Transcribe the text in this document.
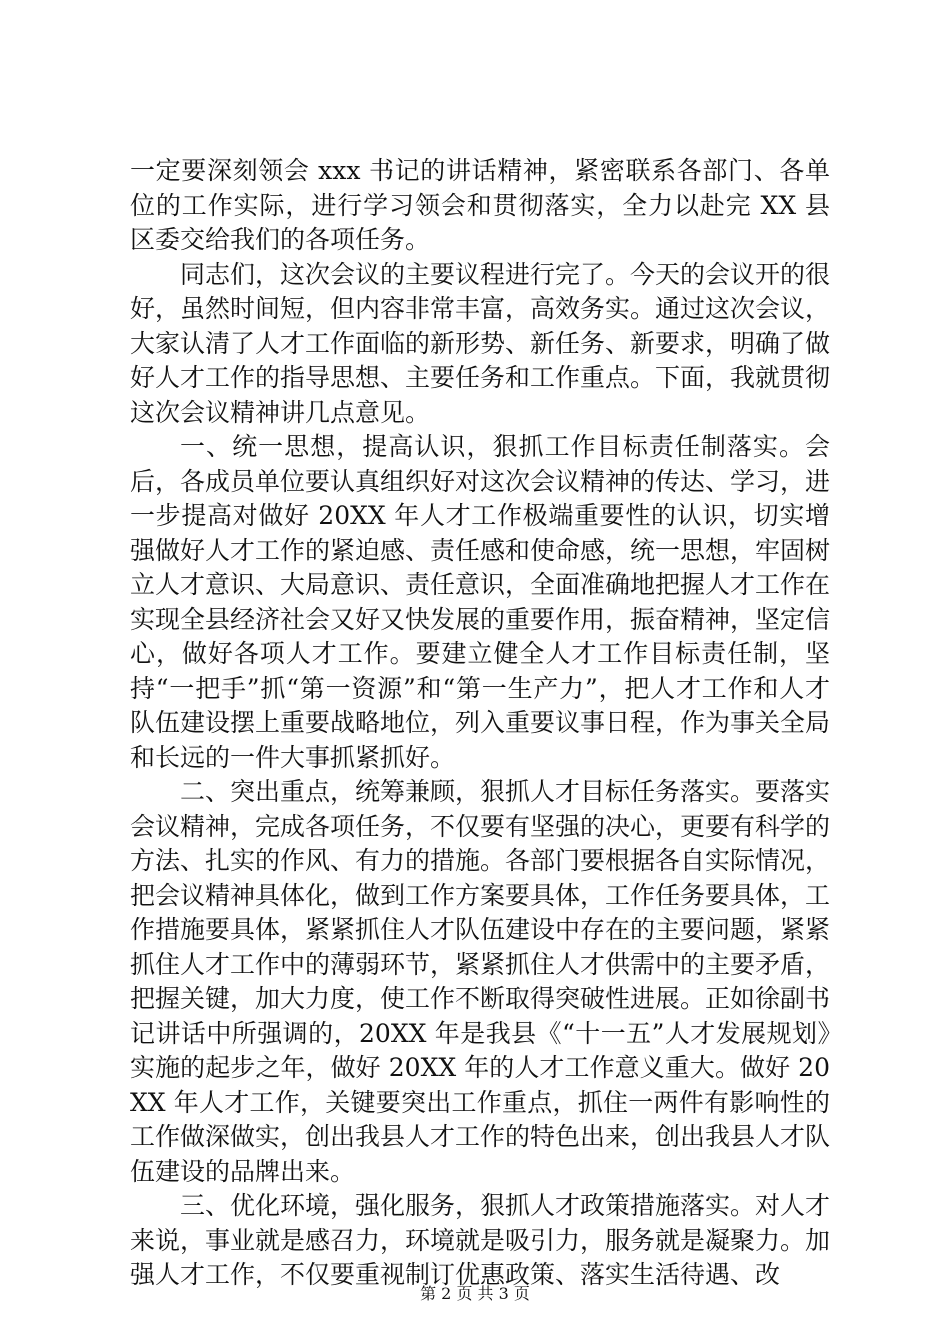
一定要深刻领会 xxx 书记的讲话精神，紧密联系各部门、各单位的工作实际，进行学习领会和贯彻落实，全力以赴完 XX 县区委交给我们的各项任务。

同志们，这次会议的主要议程进行完了。今天的会议开的很好，虽然时间短，但内容非常丰富，高效务实。通过这次会议，大家认清了人才工作面临的新形势、新任务、新要求，明确了做好人才工作的指导思想、主要任务和工作重点。下面，我就贯彻这次会议精神讲几点意见。

一、统一思想，提高认识，狠抓工作目标责任制落实。会后，各成员单位要认真组织好对这次会议精神的传达、学习，进一步提高对做好 20XX 年人才工作极端重要性的认识，切实增强做好人才工作的紧迫感、责任感和使命感，统一思想，牢固树立人才意识、大局意识、责任意识，全面准确地把握人才工作在实现全县经济社会又好又快发展的重要作用，振奋精神，坚定信心，做好各项人才工作。要建立健全人才工作目标责任制，坚持“一把手”抓“第一资源”和“第一生产力”，把人才工作和人才队伍建设摆上重要战略地位，列入重要议事日程，作为事关全局和长远的一件大事抓紧抓好。

二、突出重点，统筹兼顾，狠抓人才目标任务落实。要落实会议精神，完成各项任务，不仅要有坚强的决心，更要有科学的方法、扎实的作风、有力的措施。各部门要根据各自实际情况，把会议精神具体化，做到工作方案要具体，工作任务要具体，工作措施要具体，紧紧抓住人才队伍建设中存在的主要问题，紧紧抓住人才工作中的薄弱环节，紧紧抓住人才供需中的主要矛盾，把握关键，加大力度，使工作不断取得突破性进展。正如徐副书记讲话中所强调的，20XX 年是我县《“十一五”人才发展规划》实施的起步之年，做好 20XX 年的人才工作意义重大。做好 20XX 年人才工作，关键要突出工作重点，抓住一两件有影响性的工作做深做实，创出我县人才工作的特色出来，创出我县人才队伍建设的品牌出来。

三、优化环境，强化服务，狠抓人才政策措施落实。对人才来说，事业就是感召力，环境就是吸引力，服务就是凝聚力。加强人才工作，不仅要重视制订优惠政策、落实生活待遇、改

第 2 页 共 3 页
